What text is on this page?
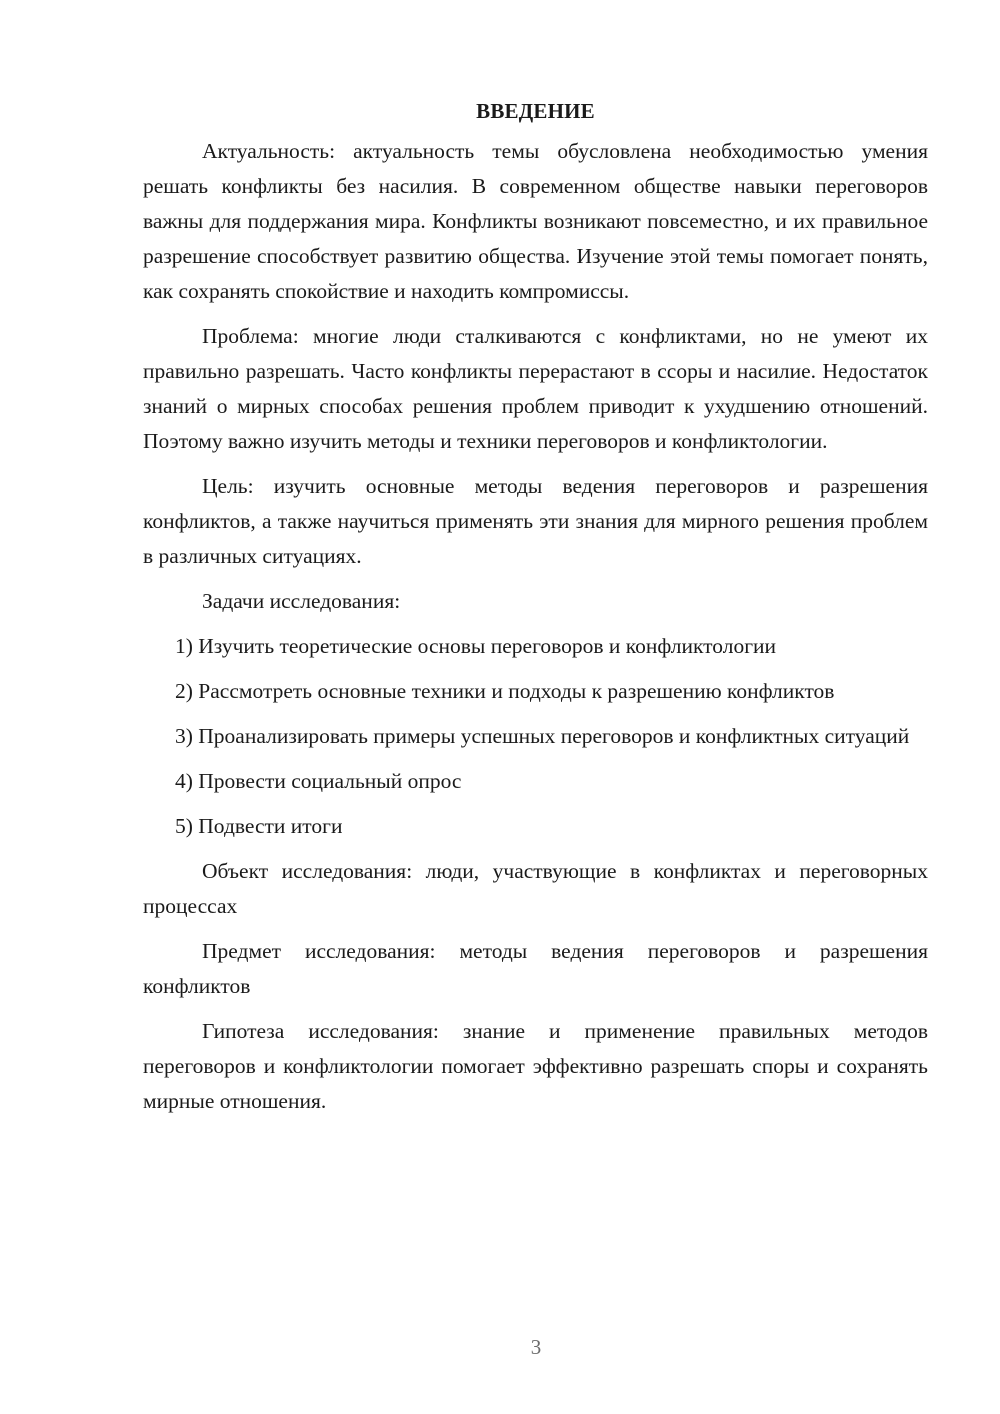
ВВЕДЕНИЕ

Актуальность: актуальность темы обусловлена необходимостью умения решать конфликты без насилия. В современном обществе навыки переговоров важны для поддержания мира. Конфликты возникают повсеместно, и их правильное разрешение способствует развитию общества. Изучение этой темы помогает понять, как сохранять спокойствие и находить компромиссы.

Проблема: многие люди сталкиваются с конфликтами, но не умеют их правильно разрешать. Часто конфликты перерастают в ссоры и насилие. Недостаток знаний о мирных способах решения проблем приводит к ухудшению отношений. Поэтому важно изучить методы и техники переговоров и конфликтологии.

Цель: изучить основные методы ведения переговоров и разрешения конфликтов, а также научиться применять эти знания для мирного решения проблем в различных ситуациях.

Задачи исследования:

1) Изучить теоретические основы переговоров и конфликтологии

2) Рассмотреть основные техники и подходы к разрешению конфликтов

3) Проанализировать примеры успешных переговоров и конфликтных ситуаций

4) Провести социальный опрос

5) Подвести итоги

Объект исследования: люди, участвующие в конфликтах и переговорных процессах

Предмет исследования: методы ведения переговоров и разрешения конфликтов

Гипотеза исследования: знание и применение правильных методов переговоров и конфликтологии помогает эффективно разрешать споры и сохранять мирные отношения.

3
